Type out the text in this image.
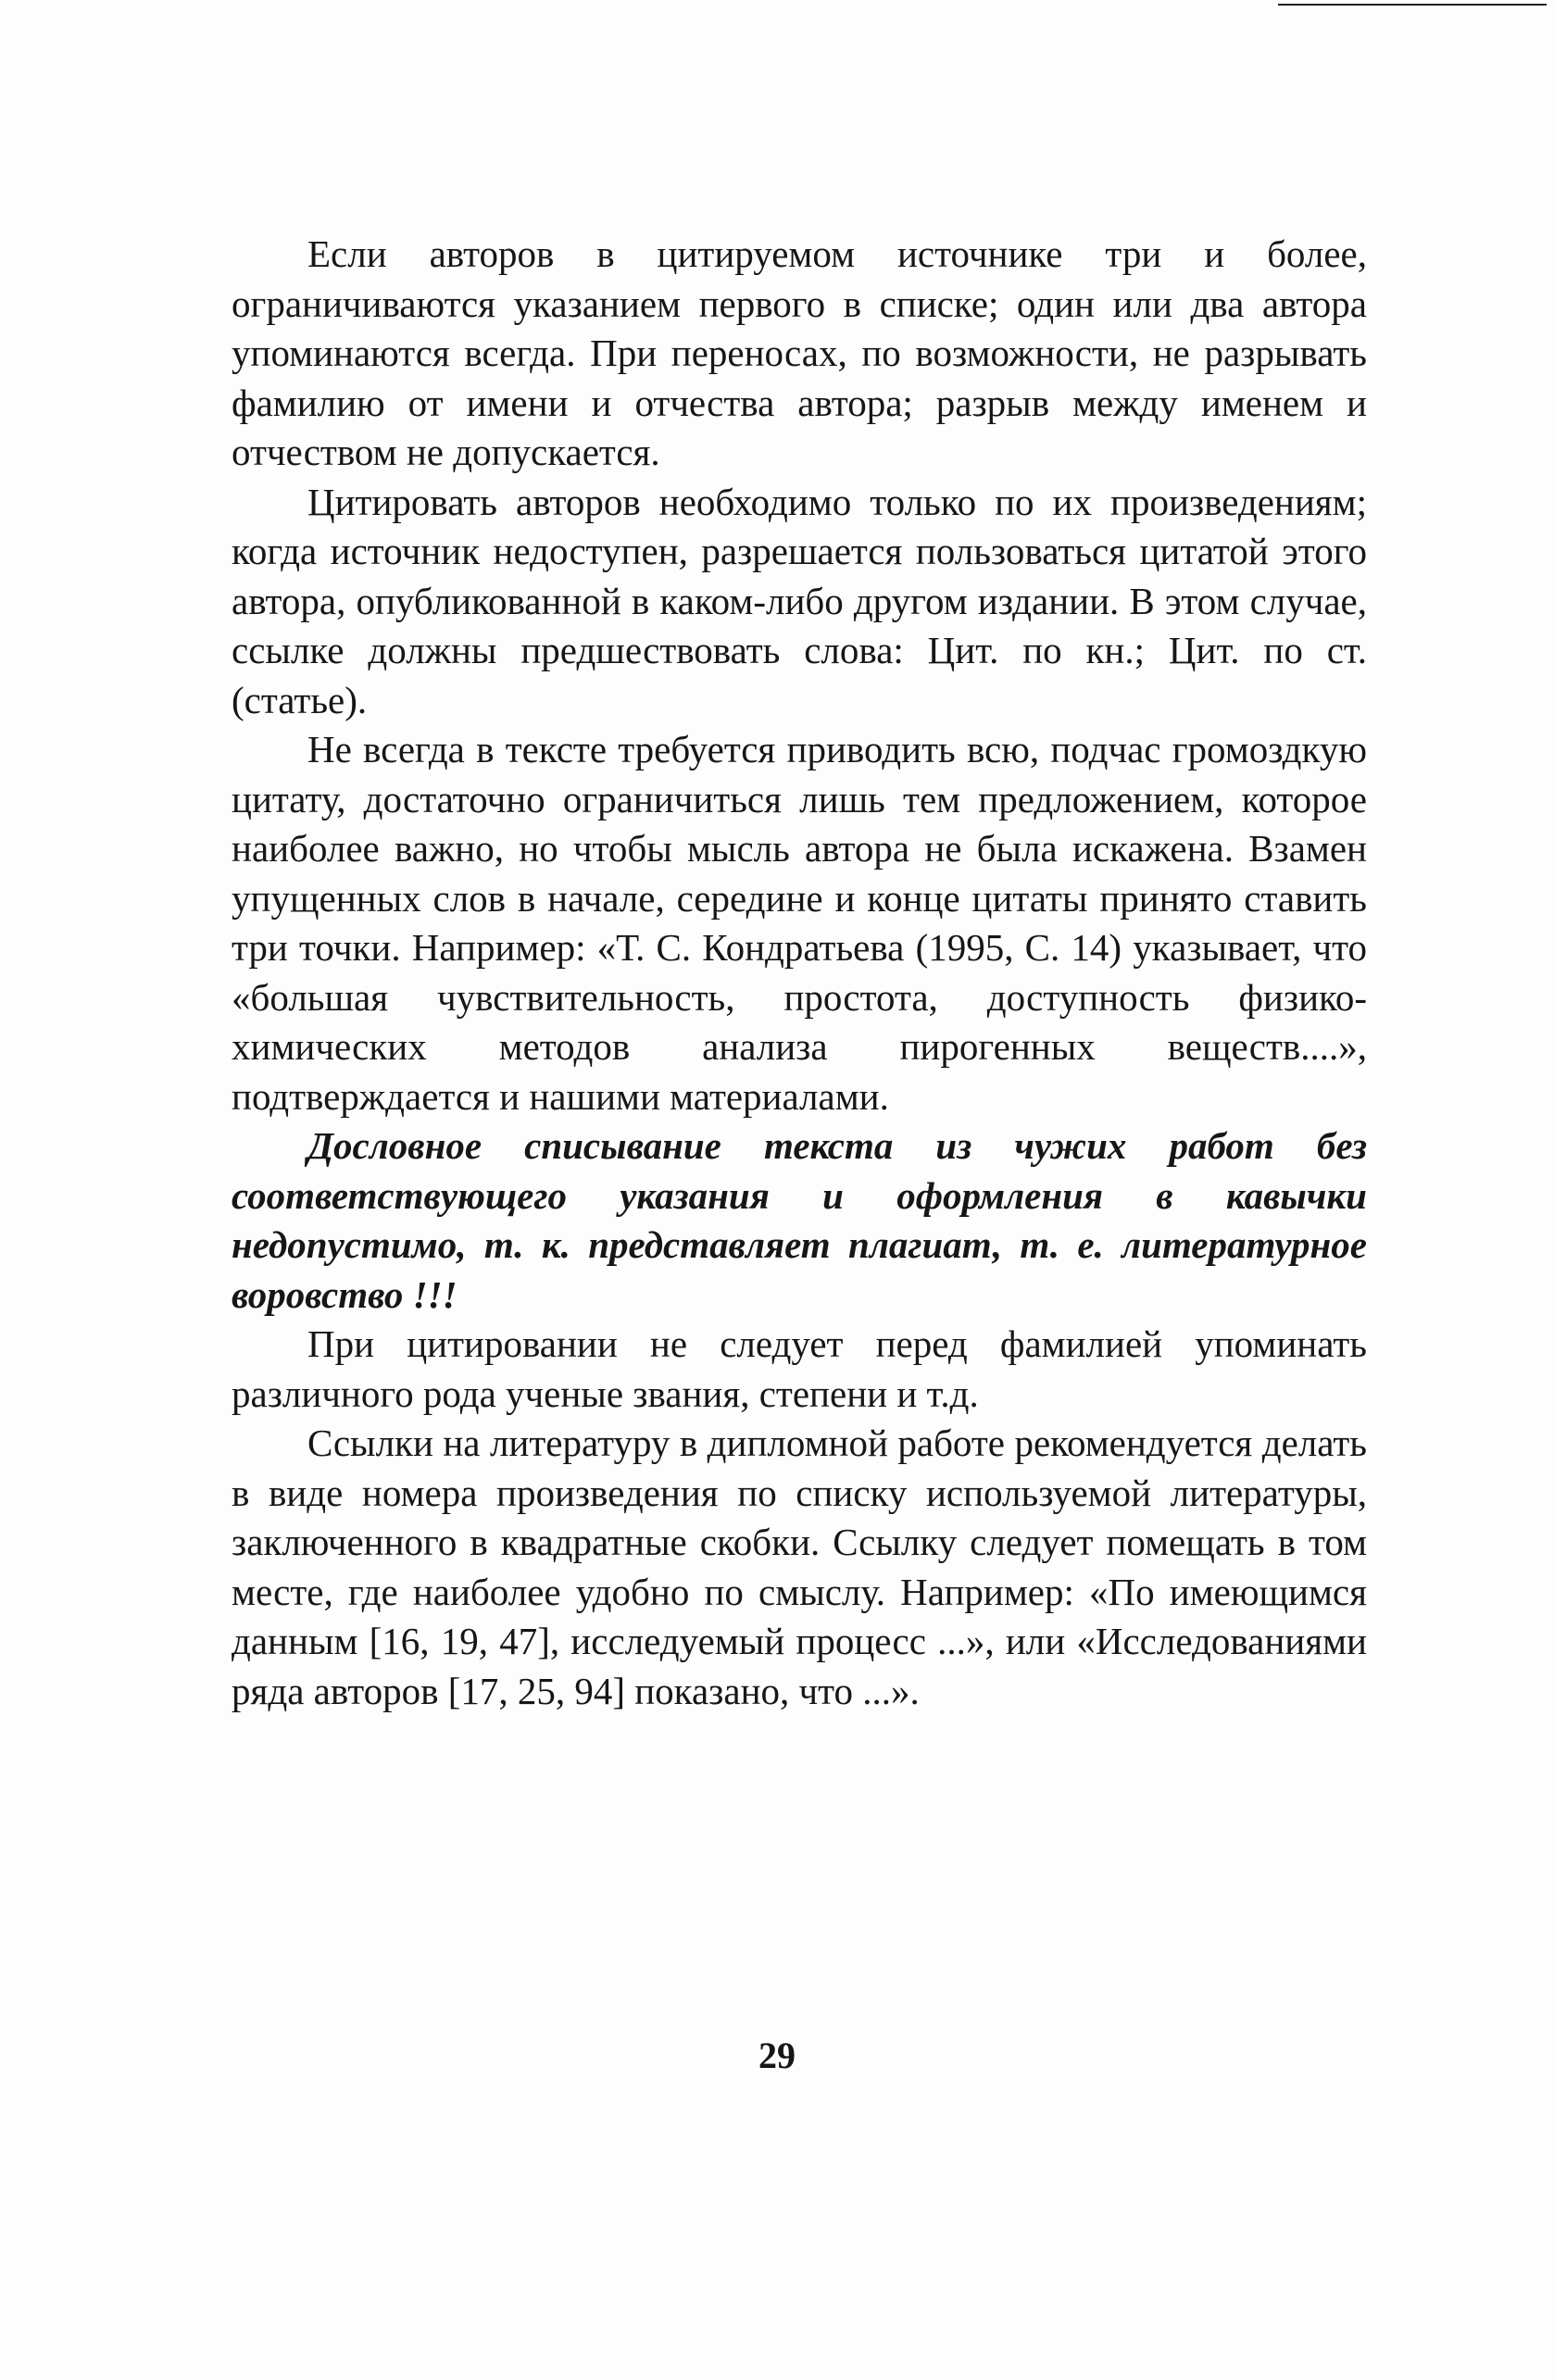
Если авторов в цитируемом источнике три и более, ограничиваются указанием первого в списке; один или два автора упоминаются всегда. При переносах, по возможности, не разрывать фамилию от имени и отчества автора; разрыв между именем и отчеством не допускается.

Цитировать авторов необходимо только по их произведениям; когда источник недоступен, разрешается пользоваться цитатой этого автора, опубликованной в каком-либо другом издании. В этом случае, ссылке должны предшествовать слова: Цит. по кн.; Цит. по ст. (статье).

Не всегда в тексте требуется приводить всю, подчас громоздкую цитату, достаточно ограничиться лишь тем предложением, которое наиболее важно, но чтобы мысль автора не была искажена. Взамен упущенных слов в начале, середине и конце цитаты принято ставить три точки. Например: «Т. С. Кондратьева (1995, С. 14) указывает, что «большая чувствительность, простота, доступность физико-химических методов анализа пирогенных веществ....», подтверждается и нашими материалами.

Дословное списывание текста из чужих работ без соответствующего указания и оформления в кавычки недопустимо, т. к. представляет плагиат, т. е. литературное воровство !!!

При цитировании не следует перед фамилией упоминать различного рода ученые звания, степени и т.д.

Ссылки на литературу в дипломной работе рекомендуется делать в виде номера произведения по списку используемой литературы, заключенного в квадратные скобки. Ссылку следует помещать в том месте, где наиболее удобно по смыслу. Например: «По имеющимся данным [16, 19, 47], исследуемый процесс ...», или «Исследованиями ряда авторов [17, 25, 94] показано, что ...».

29
